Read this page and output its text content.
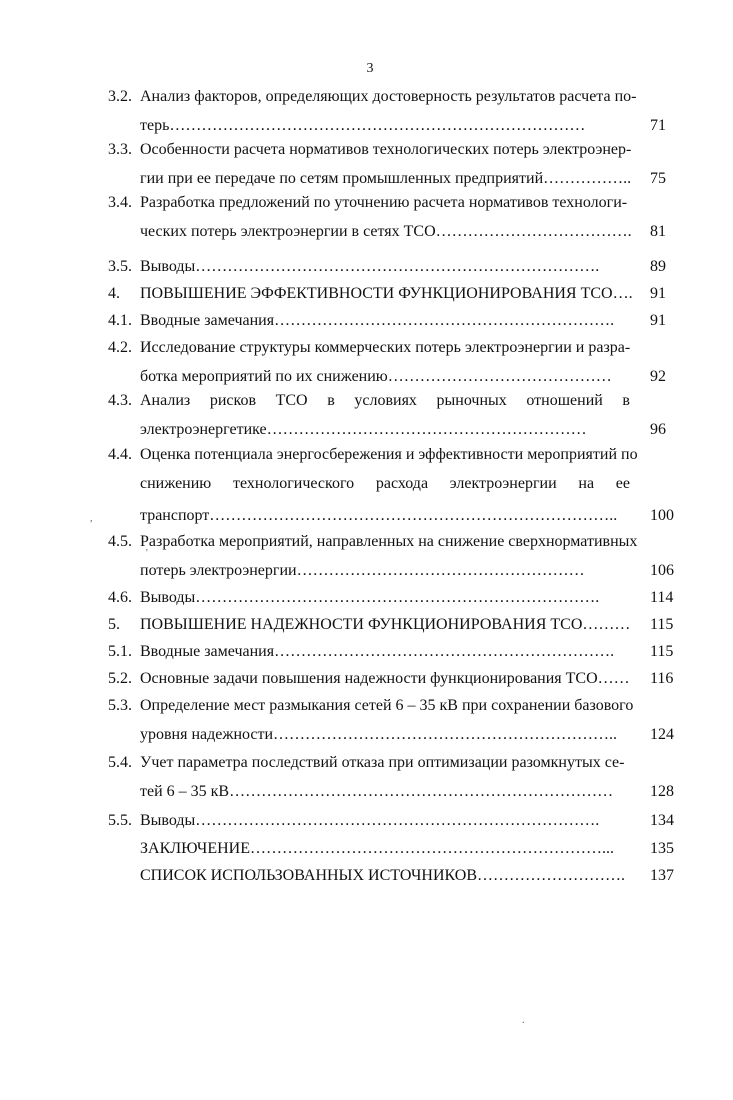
3
,
'
.
3.2. Анализ факторов, определяющих достоверность результатов расчета по-
терь……………………………………………………………………	71
3.3. Особенности расчета нормативов технологических потерь электроэнер-
гии при ее передаче по сетям промышленных предприятий…………….. 75
3.4. Разработка предложений по уточнению расчета нормативов технологи-
ческих потерь электроэнергии в сетях ТСО………………………………. 81
3.5. Выводы………………………………………………………………….	89
4. ПОВЫШЕНИЕ ЭФФЕКТИВНОСТИ ФУНКЦИОНИРОВАНИЯ ТСО…. 91
4.1. Вводные замечания………………………………………………………. 91
4.2. Исследование структуры коммерческих потерь электроэнергии и разра-
ботка мероприятий по их снижению…………………………………… 92
4.3. Анализ рисков ТСО в условиях рыночных отношений в
электроэнергетике……………………………………………………	96
4.4. Оценка потенциала энергосбережения и эффективности мероприятий по
снижению технологического расхода электроэнергии на ее
транспорт………………………………………………………………….. 100
4.5. Разработка мероприятий, направленных на снижение сверхнормативных
потерь электроэнергии………………………………………………	106
4.6. Выводы………………………………………………………………….	114
5. ПОВЫШЕНИЕ НАДЕЖНОСТИ ФУНКЦИОНИРОВАНИЯ ТСО……… 115
5.1. Вводные замечания………………………………………………………. 115
5.2. Основные задачи повышения надежности функционирования ТСО…… 116
5.3. Определение мест размыкания сетей 6 – 35 кВ при сохранении базового
уровня надежности……………………………………………………….. 124
5.4. Учет параметра последствий отказа при оптимизации разомкнутых се-
тей 6 – 35 кВ……………………………………………………………… 128
5.5. Выводы………………………………………………………………….	134
ЗАКЛЮЧЕНИЕ…………………………………………………………... 135
СПИСОК ИСПОЛЬЗОВАННЫХ ИСТОЧНИКОВ………………………. 137
